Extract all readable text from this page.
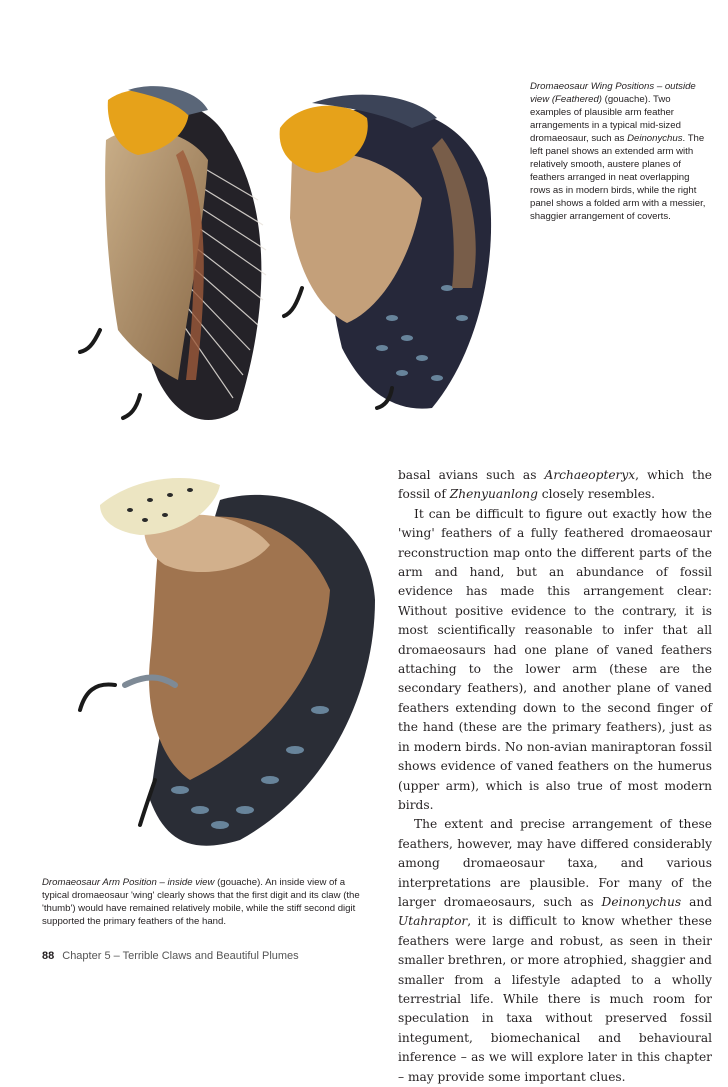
Dromaeosaur Wing Positions – outside view (Feathered) (gouache). Two examples of plausible arm feather arrangements in a typical mid-sized dromaeosaur, such as Deinonychus. The left panel shows an extended arm with relatively smooth, austere planes of feathers arranged in neat overlapping rows as in modern birds, while the right panel shows a folded arm with a messier, shaggier arrangement of coverts.

basal avians such as Archaeopteryx, which the fossil of Zhenyuanlong closely resembles.

It can be difficult to figure out exactly how the 'wing' feathers of a fully feathered dromaeosaur reconstruction map onto the different parts of the arm and hand, but an abundance of fossil evidence has made this arrangement clear: Without positive evidence to the contrary, it is most scientifically reasonable to infer that all dromaeosaurs had one plane of vaned feathers attaching to the lower arm (these are the secondary feathers), and another plane of vaned feathers extending down to the second finger of the hand (these are the primary feathers), just as in modern birds. No non-avian maniraptoran fossil shows evidence of vaned feathers on the humerus (upper arm), which is also true of most modern birds.

The extent and precise arrangement of these feathers, however, may have differed considerably among dromaeosaur taxa, and various interpretations are plausible. For many of the larger dromaeosaurs, such as Deinonychus and Utahraptor, it is difficult to know whether these feathers were large and robust, as seen in their smaller brethren, or more atrophied, shaggier and smaller from a lifestyle adapted to a wholly terrestrial life. While there is much room for speculation in taxa without preserved fossil integument, biomechanical and behavioural inference – as we will explore later in this chapter – may provide some important clues.

Dromaeosaur Arm Position – inside view (gouache). An inside view of a typical dromaeosaur 'wing' clearly shows that the first digit and its claw (the 'thumb') would have remained relatively mobile, while the stiff second digit supported the primary feathers of the hand.
88 Chapter 5 – Terrible Claws and Beautiful Plumes
